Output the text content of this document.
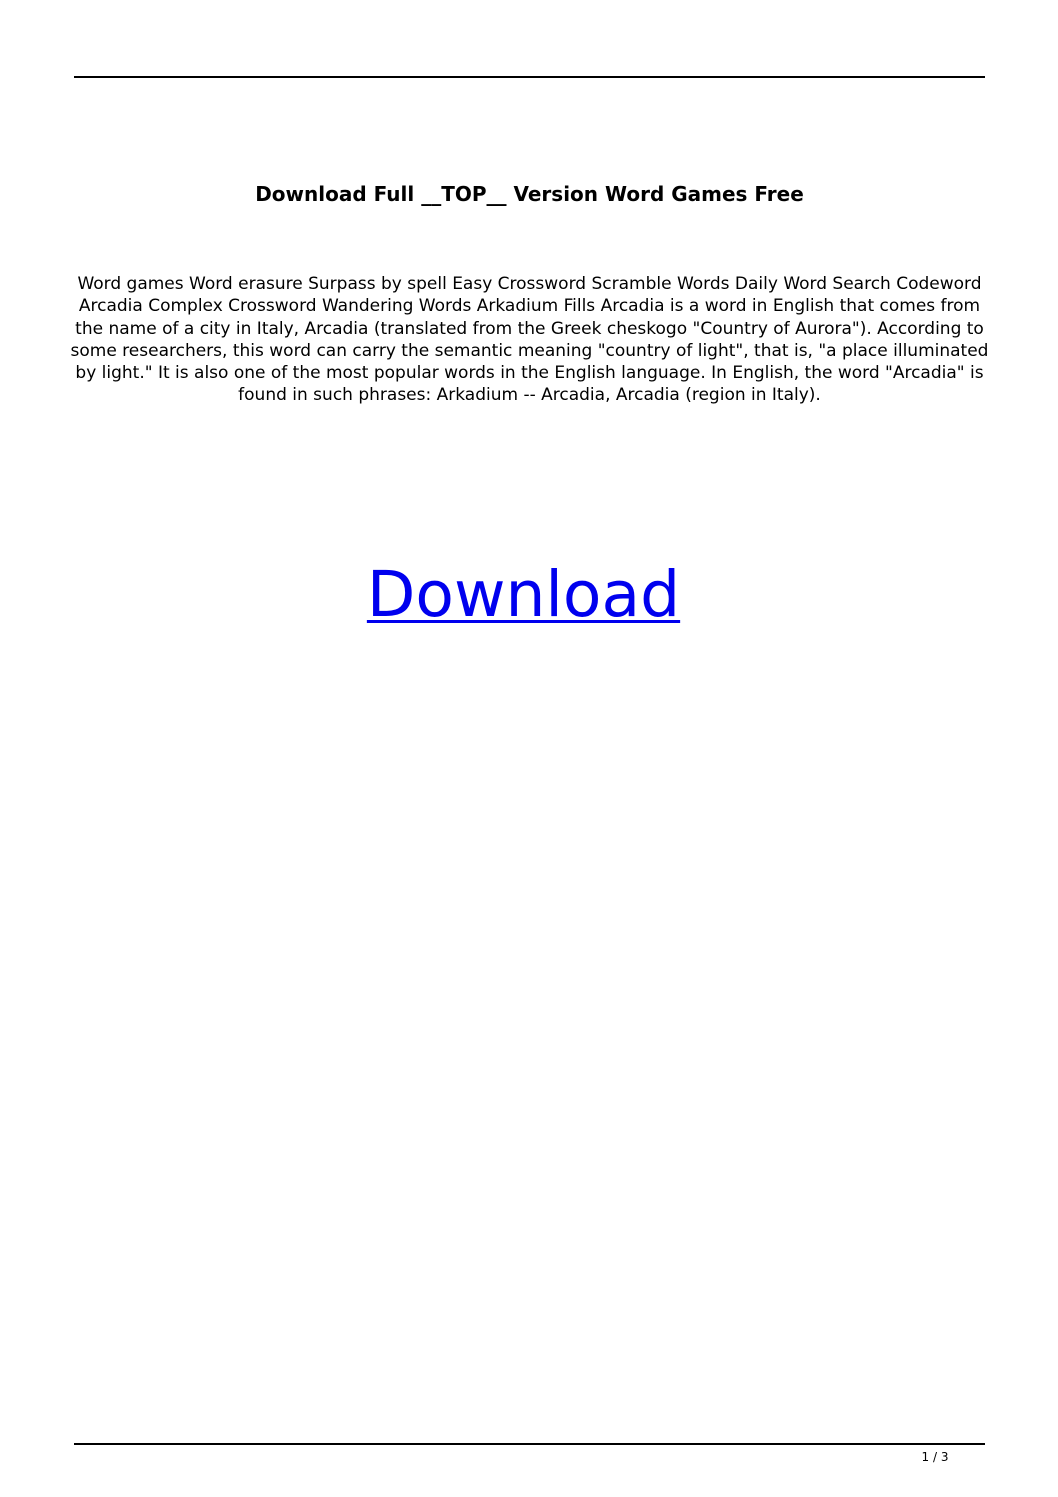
Download Full __TOP__ Version Word Games Free

Word games Word erasure Surpass by spell Easy Crossword Scramble Words Daily Word Search Codeword Arcadia Complex Crossword Wandering Words Arkadium Fills Arcadia is a word in English that comes from the name of a city in Italy, Arcadia (translated from the Greek cheskogo "Country of Aurora"). According to some researchers, this word can carry the semantic meaning "country of light", that is, "a place illuminated by light." It is also one of the most popular words in the English language. In English, the word "Arcadia" is found in such phrases: Arkadium -- Arcadia, Arcadia (region in Italy).

Download
1 / 3
